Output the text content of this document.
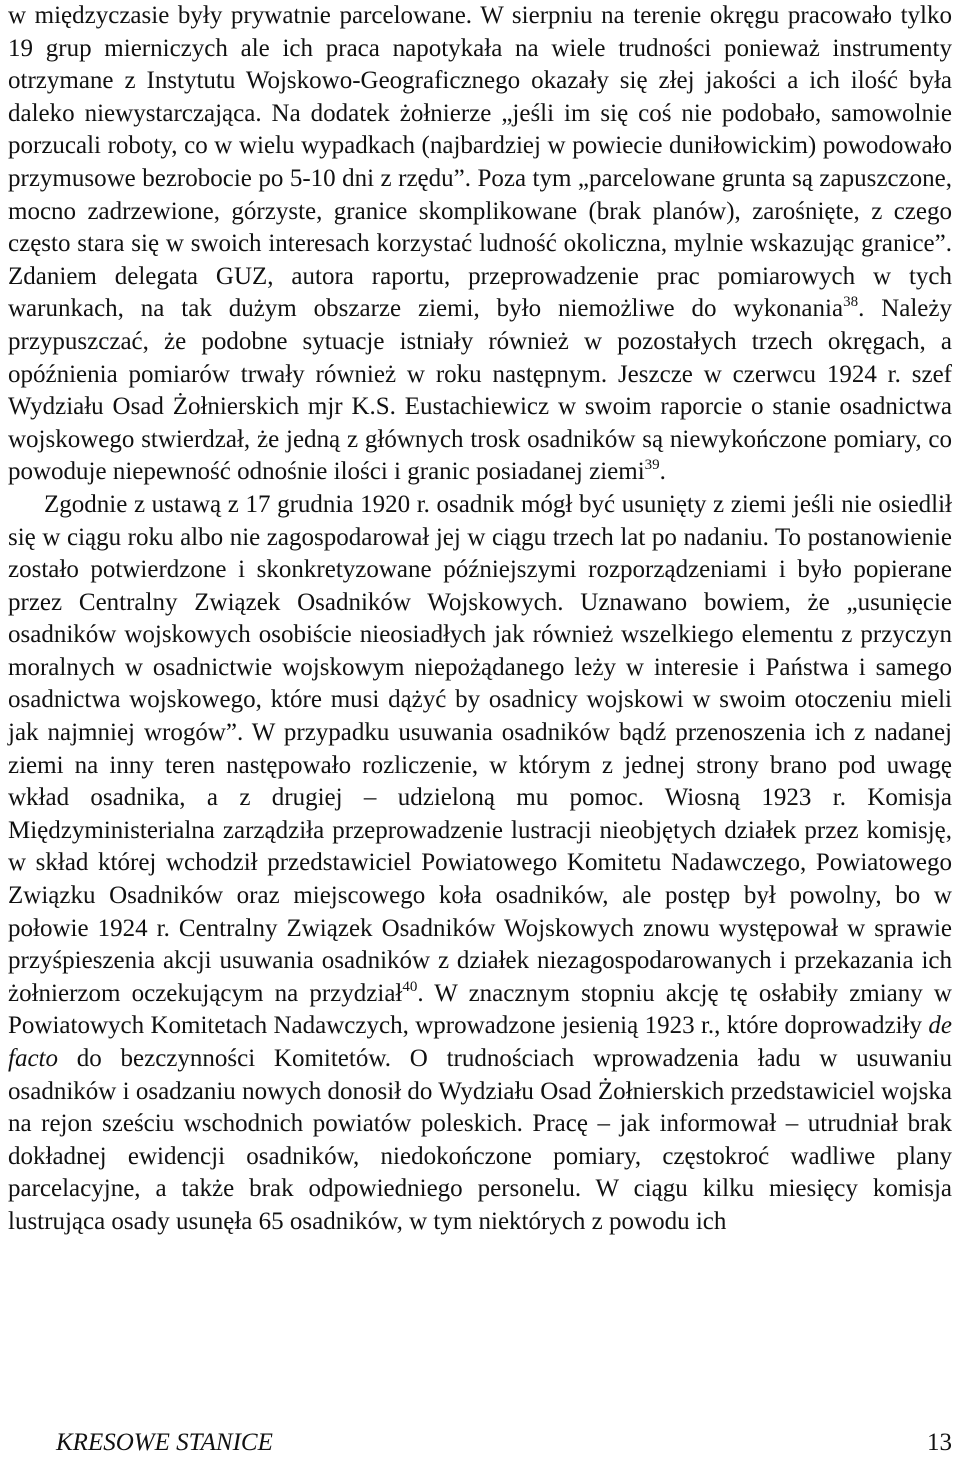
w międzyczasie były prywatnie parcelowane. W sierpniu na terenie okręgu pracowało tylko 19 grup mierniczych ale ich praca napotykała na wiele trudności ponieważ instrumenty otrzymane z Instytutu Wojskowo-Geograficznego okazały się złej jakości a ich ilość była daleko niewystarczająca. Na dodatek żołnierze „jeśli im się coś nie podobało, samowolnie porzucali roboty, co w wielu wypadkach (najbardziej w powiecie duniłowickim) powodowało przymusowe bezrobocie po 5-10 dni z rzędu”. Poza tym „parcelowane grunta są zapuszczone, mocno zadrzewione, górzyste, granice skomplikowane (brak planów), zarośnięte, z czego często stara się w swoich interesach korzystać ludność okoliczna, mylnie wskazując granice”. Zdaniem delegata GUZ, autora raportu, przeprowadzenie prac pomiarowych w tych warunkach, na tak dużym obszarze ziemi, było niemożliwe do wykonania$^{38}$. Należy przypuszczać, że podobne sytuacje istniały również w pozostałych trzech okręgach, a opóźnienia pomiarów trwały również w roku następnym. Jeszcze w czerwcu 1924 r. szef Wydziału Osad Żołnierskich mjr K.S. Eustachiewicz w swoim raporcie o stanie osadnictwa wojskowego stwierdzał, że jedną z głównych trosk osadników są niewykończone pomiary, co powoduje niepewność odnośnie ilości i granic posiadanej ziemi$^{39}$.

Zgodnie z ustawą z 17 grudnia 1920 r. osadnik mógł być usunięty z ziemi jeśli nie osiedlił się w ciągu roku albo nie zagospodarował jej w ciągu trzech lat po nadaniu. To postanowienie zostało potwierdzone i skonkretyzowane późniejszymi rozporządzeniami i było popierane przez Centralny Związek Osadników Wojskowych. Uznawano bowiem, że „usunięcie osadników wojskowych osobiście nieosiadłych jak również wszelkiego elementu z przyczyn moralnych w osadnictwie wojskowym niepożądanego leży w interesie i Państwa i samego osadnictwa wojskowego, które musi dążyć by osadnicy wojskowi w swoim otoczeniu mieli jak najmniej wrogów”. W przypadku usuwania osadników bądź przenoszenia ich z nadanej ziemi na inny teren następowało rozliczenie, w którym z jednej strony brano pod uwagę wkład osadnika, a z drugiej – udzieloną mu pomoc. Wiosną 1923 r. Komisja Międzyministerialna zarządziła przeprowadzenie lustracji nieobjętych działek przez komisję, w skład której wchodził przedstawiciel Powiatowego Komitetu Nadawczego, Powiatowego Związku Osadników oraz miejscowego koła osadników, ale postęp był powolny, bo w połowie 1924 r. Centralny Związek Osadników Wojskowych znowu występował w sprawie przyśpieszenia akcji usuwania osadników z działek niezagospodarowanych i przekazania ich żołnierzom oczekującym na przydział$^{40}$. W znacznym stopniu akcję tę osłabiły zmiany w Powiatowych Komitetach Nadawczych, wprowadzone jesienią 1923 r., które doprowadziły de facto do bezczynności Komitetów. O trudnościach wprowadzenia ładu w usuwaniu osadników i osadzaniu nowych donosił do Wydziału Osad Żołnierskich przedstawiciel wojska na rejon sześciu wschodnich powiatów poleskich. Pracę – jak informował – utrudniał brak dokładnej ewidencji osadników, niedokończone pomiary, częstokroć wadliwe plany parcelacyjne, a także brak odpowiedniego personelu. W ciągu kilku miesięcy komisja lustrująca osady usunęła 65 osadników, w tym niektórych z powodu ich

KRESOWE STANICE	13
